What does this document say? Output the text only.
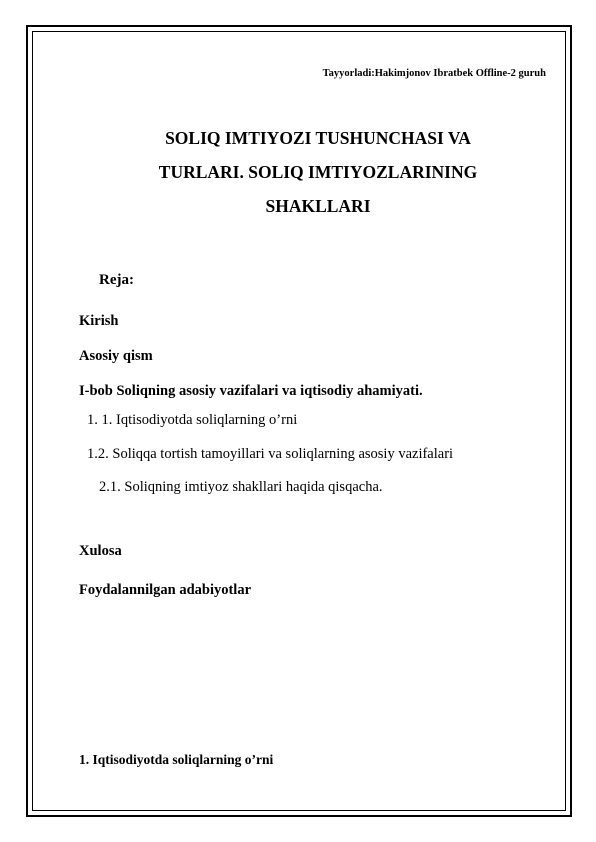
Tayyorladi:Hakimjonov Ibratbek Offline-2 guruh
SOLIQ IMTIYOZI TUSHUNCHASI VA
TURLARI. SOLIQ IMTIYOZLARINING
SHAKLLARI
Reja:
Kirish
Asosiy qism
I-bob Soliqning asosiy vazifalari va iqtisodiy ahamiyati.
1. 1. Iqtisodiyotda soliqlarning o’rni
1.2. Soliqqa tortish tamoyillari va soliqlarning asosiy vazifalari
2.1. Soliqning imtiyoz shakllari haqida qisqacha.
Xulosa
Foydalannilgan adabiyotlar
1. Iqtisodiyotda soliqlarning o’rni
